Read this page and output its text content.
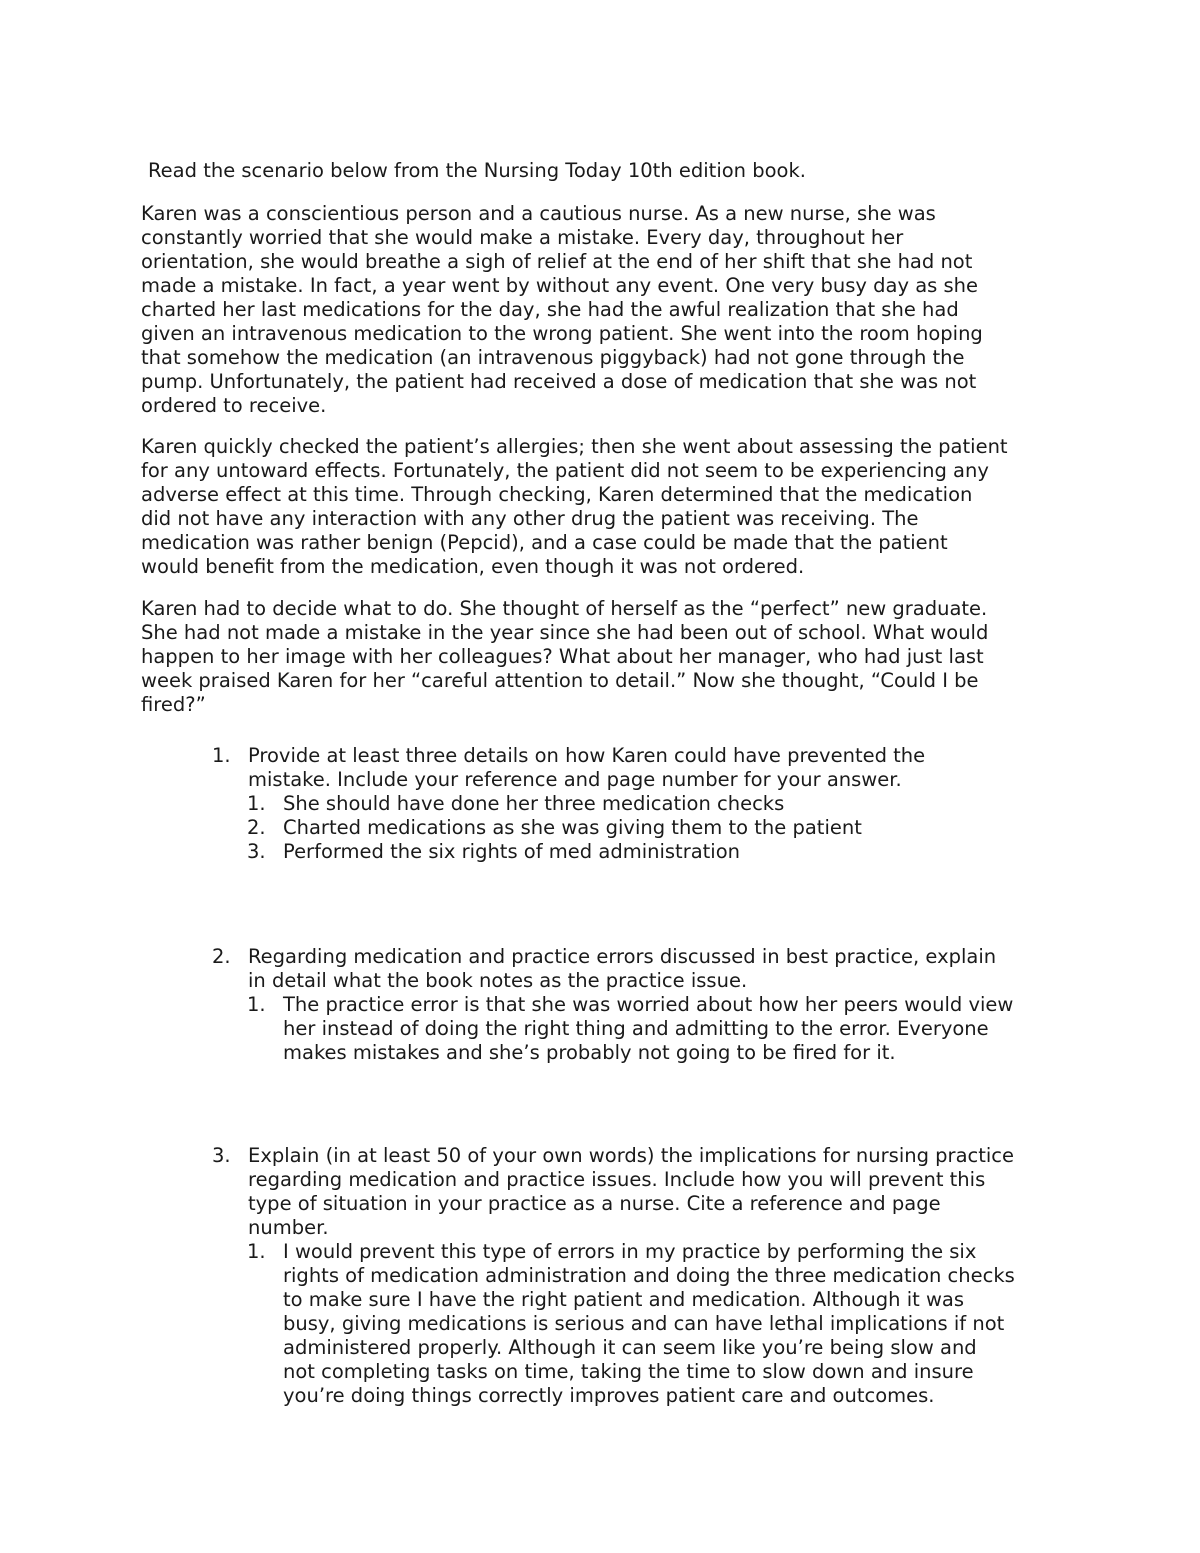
Read the scenario below from the Nursing Today 10th edition book.

Karen was a conscientious person and a cautious nurse. As a new nurse, she was
constantly worried that she would make a mistake. Every day, throughout her
orientation, she would breathe a sigh of relief at the end of her shift that she had not
made a mistake. In fact, a year went by without any event. One very busy day as she
charted her last medications for the day, she had the awful realization that she had
given an intravenous medication to the wrong patient. She went into the room hoping
that somehow the medication (an intravenous piggyback) had not gone through the
pump. Unfortunately, the patient had received a dose of medication that she was not
ordered to receive.
Karen quickly checked the patient’s allergies; then she went about assessing the patient
for any untoward effects. Fortunately, the patient did not seem to be experiencing any
adverse effect at this time. Through checking, Karen determined that the medication
did not have any interaction with any other drug the patient was receiving. The
medication was rather benign (Pepcid), and a case could be made that the patient
would benefit from the medication, even though it was not ordered.
Karen had to decide what to do. She thought of herself as the “perfect” new graduate.
She had not made a mistake in the year since she had been out of school. What would
happen to her image with her colleagues? What about her manager, who had just last
week praised Karen for her “careful attention to detail.” Now she thought, “Could I be
fired?”
1. Provide at least three details on how Karen could have prevented the
mistake. Include your reference and page number for your answer.
1. She should have done her three medication checks
2. Charted medications as she was giving them to the patient
3. Performed the six rights of med administration
2. Regarding medication and practice errors discussed in best practice, explain
in detail what the book notes as the practice issue.
1. The practice error is that she was worried about how her peers would view
her instead of doing the right thing and admitting to the error. Everyone
makes mistakes and she’s probably not going to be fired for it.
3. Explain (in at least 50 of your own words) the implications for nursing practice
regarding medication and practice issues. Include how you will prevent this
type of situation in your practice as a nurse. Cite a reference and page
number.
1. I would prevent this type of errors in my practice by performing the six
rights of medication administration and doing the three medication checks
to make sure I have the right patient and medication. Although it was
busy, giving medications is serious and can have lethal implications if not
administered properly. Although it can seem like you’re being slow and
not completing tasks on time, taking the time to slow down and insure
you’re doing things correctly improves patient care and outcomes.
